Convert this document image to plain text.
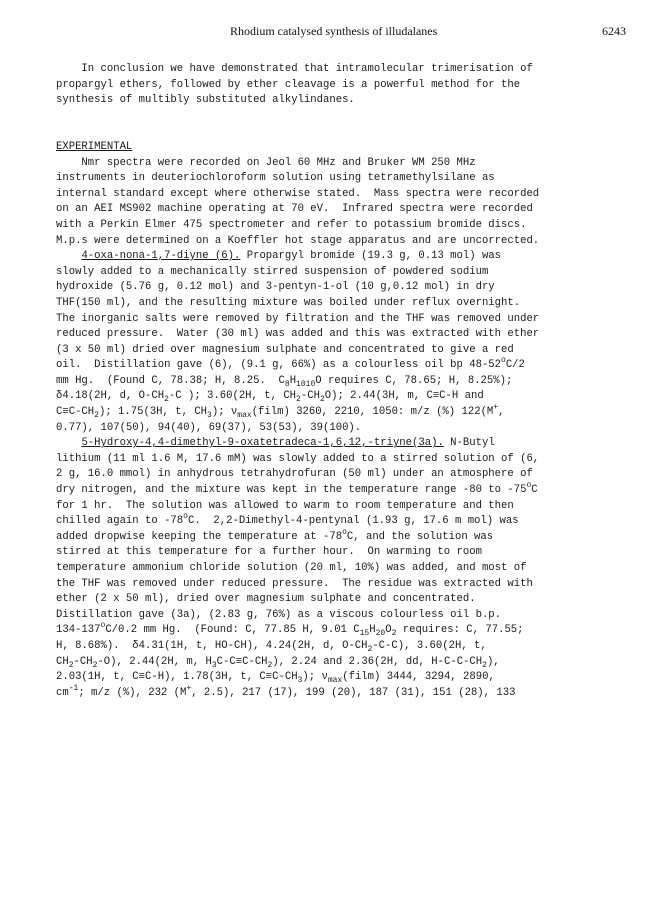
Rhodium catalysed synthesis of illudalanes	6243
In conclusion we have demonstrated that intramolecular trimerisation of
propargyl ethers, followed by ether cleavage is a powerful method for the
synthesis of multibly substituted alkylindanes.
EXPERIMENTAL
Nmr spectra were recorded on Jeol 60 MHz and Bruker WM 250 MHz
instruments in deuteriochloroform solution using tetramethylsilane as
internal standard except where otherwise stated.  Mass spectra were recorded
on an AEI MS902 machine operating at 70 eV.  Infrared spectra were recorded
with a Perkin Elmer 475 spectrometer and refer to potassium bromide discs.
M.p.s were determined on a Koeffler hot stage apparatus and are uncorrected.
4-oxa-nona-1,7-diyne (6). Propargyl bromide (19.3 g, 0.13 mol) was
slowly added to a mechanically stirred suspension of powdered sodium
hydroxide (5.76 g, 0.12 mol) and 3-pentyn-1-ol (10 g,0.12 mol) in dry
THF(150 ml), and the resulting mixture was boiled under reflux overnight.
The inorganic salts were removed by filtration and the THF was removed under
reduced pressure.  Water (30 ml) was added and this was extracted with ether
(3 x 50 ml) dried over magnesium sulphate and concentrated to give a red
oil.  Distillation gave (6), (9.1 g, 66%) as a colourless oil bp 48-52$^o$C/2
mm Hg.  (Found C, 78.38; H, 8.25.  $C_8H_{1010}O$ requires C, 78.65; H, 8.25%);
δ4.18(2H, d, $O-CH_2-C$ ); 3.60(2H, t, $CH_2-CH_2O$); 2.44(3H, m, C≡C-H and
$C\equiv C-CH_2$); 1.75(3H, t, $CH_3$); $\nu_{max}(film)$ 3260, 2210, 1050: m/z (%) 122(M+,
0.77), 107(50), 94(40), 69(37), 53(53), 39(100).
5-Hydroxy-4,4-dimethyl-9-oxatetradeca-1,6,12,-triyne(3a). N-Butyl
lithium (11 ml 1.6 M, 17.6 mM) was slowly added to a stirred solution of (6,
2 g, 16.0 mmol) in anhydrous tetrahydrofuran (50 ml) under an atmosphere of
dry nitrogen, and the mixture was kept in the temperature range -80 to -75$^o$C
for 1 hr.  The solution was allowed to warm to room temperature and then
chilled again to -78$^o$C.  2,2-Dimethyl-4-pentynal (1.93 g, 17.6 m mol) was
added dropwise keeping the temperature at -78$^o$C, and the solution was
stirred at this temperature for a further hour.  On warming to room
temperature ammonium chloride solution (20 ml, 10%) was added, and most of
the THF was removed under reduced pressure.  The residue was extracted with
ether (2 x 50 ml), dried over magnesium sulphate and concentrated.
Distillation gave (3a), (2.83 g, 76%) as a viscous colourless oil b.p.
134-137$^o$C/0.2 mm Hg.  (Found: C, 77.85 H, 9.01 $C_{15}H_{20}O_2$ requires: C, 77.55;
H, 8.68%).  δ4.31(1H, t, HO-CH), 4.24(2H, d, $O-CH_2-C-C$), 3.60(2H, t,
$CH_2-CH_2-O$), 2.44(2H, m, $H_3C-C\equiv C-CH_2$), 2.24 and 2.36(2H, dd, $H-C-C-CH_2$),
2.03(1H, t, C≡C-H), 1.78(3H, t, $C\equiv C-CH_3$); $\nu_{max}(film)$ 3444, 3294, 2890,
$cm^{-1}$; m/z (%), 232 (M+, 2.5), 217 (17), 199 (20), 187 (31), 151 (28), 133
